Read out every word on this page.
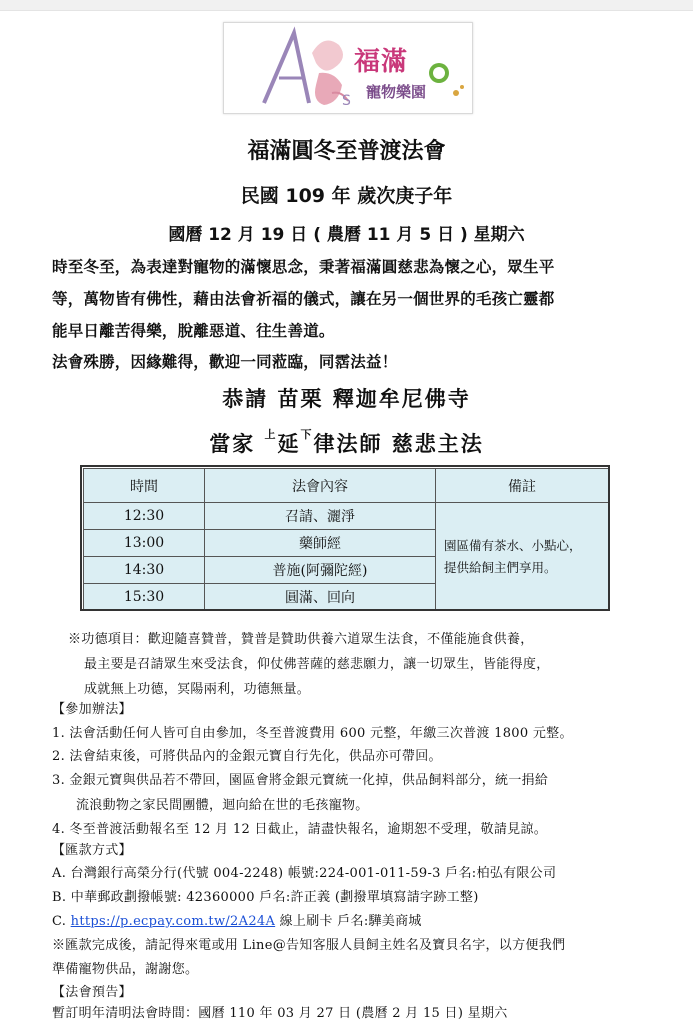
S
福滿
寵物樂園
福滿圓冬至普渡法會
民國 109 年 歲次庚子年
國曆 12 月 19 日 ( 農曆 11 月 5 日 ) 星期六
時至冬至，為表達對寵物的滿懷思念，秉著福滿圓慈悲為懷之心，眾生平
等，萬物皆有佛性，藉由法會祈福的儀式，讓在另一個世界的毛孩亡靈都
能早日離苦得樂，脫離惡道、往生善道。
法會殊勝，因緣難得，歡迎一同蒞臨，同霑法益！
恭請 苗栗 釋迦牟尼佛寺
當家 $^上$延$^下$律法師 慈悲主法
時間	法會內容	備註
12:30	召請、灑淨	園區備有茶水、小點心，
提供給飼主們享用。

13:00	藥師經	
14:30	普施(阿彌陀經)	
15:30	圓滿、回向	
※功德項目：歡迎隨喜贊普，贊普是贊助供養六道眾生法食，不僅能施食供養，
最主要是召請眾生來受法食，仰仗佛菩薩的慈悲願力，讓一切眾生，皆能得度，
成就無上功德，冥陽兩利，功德無量。
【參加辦法】
1. 法會活動任何人皆可自由參加，冬至普渡費用 600 元整，年繳三次普渡 1800 元整。
2. 法會結束後，可將供品內的金銀元寶自行先化，供品亦可帶回。
3. 金銀元寶與供品若不帶回，園區會將金銀元寶統一化掉，供品飼料部分，統一捐給
流浪動物之家民間團體，迴向給在世的毛孩寵物。
4. 冬至普渡活動報名至 12 月 12 日截止，請盡快報名，逾期恕不受理，敬請見諒。
【匯款方式】
A. 台灣銀行高榮分行(代號 004-2248) 帳號:224-001-011-59-3 戶名:柏弘有限公司
B. 中華郵政劃撥帳號: 42360000 戶名:許正義 (劃撥單填寫請字跡工整)
C. https://p.ecpay.com.tw/2A24A 線上刷卡 戶名:驊美商城
※匯款完成後，請記得來電或用 Line@告知客服人員飼主姓名及寶貝名字，以方便我們
準備寵物供品，謝謝您。
【法會預告】
暫訂明年清明法會時間：國曆 110 年 03 月 27 日 (農曆 2 月 15 日) 星期六
